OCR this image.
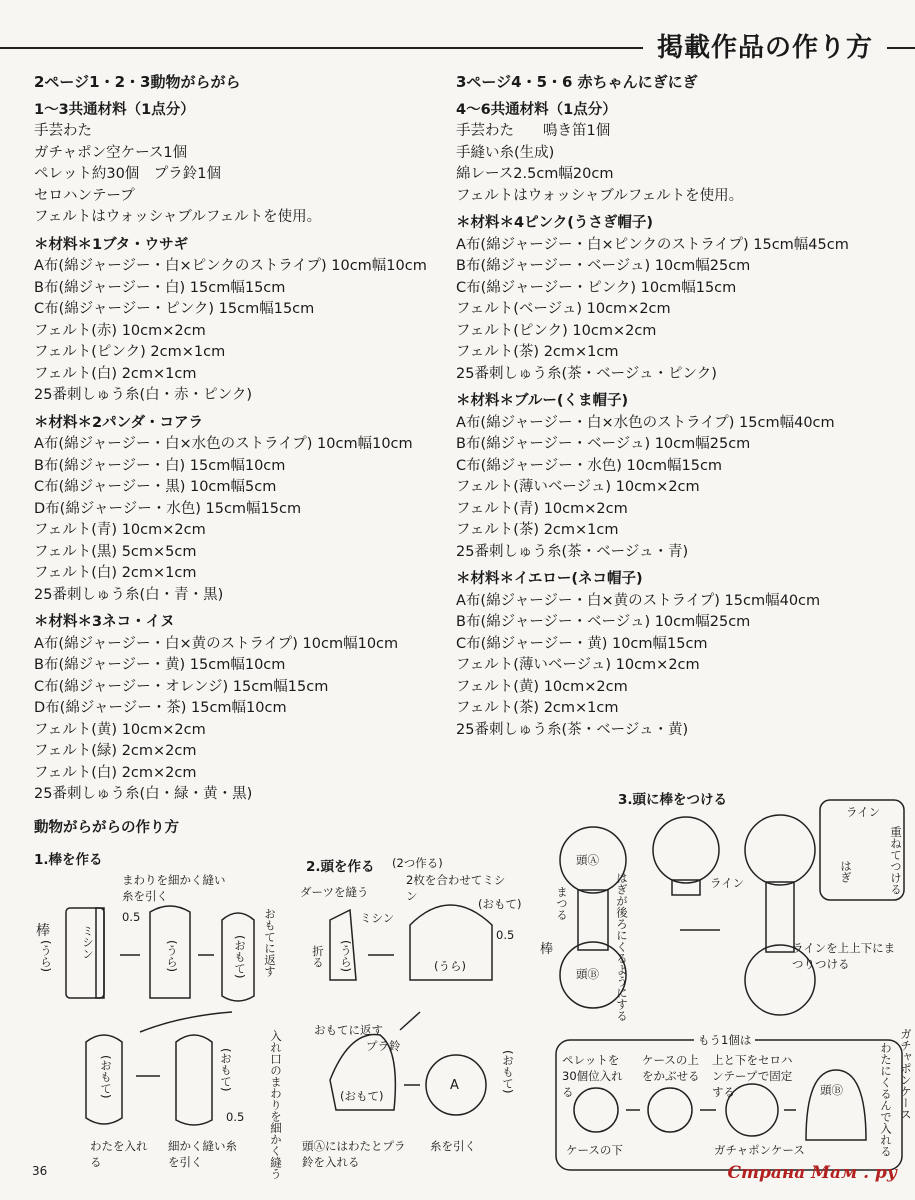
掲載作品の作り方
2ページ1・2・3動物がらがら
1～3共通材料（1点分）
手芸わた
ガチャポン空ケース1個
ペレット約30個　プラ鈴1個
セロハンテープ
フェルトはウォッシャブルフェルトを使用。
＊材料＊1ブタ・ウサギ
A布(綿ジャージー・白×ピンクのストライプ) 10cm幅10cm
B布(綿ジャージー・白) 15cm幅15cm
C布(綿ジャージー・ピンク) 15cm幅15cm
フェルト(赤) 10cm×2cm
フェルト(ピンク) 2cm×1cm
フェルト(白) 2cm×1cm
25番刺しゅう糸(白・赤・ピンク)
＊材料＊2パンダ・コアラ
A布(綿ジャージー・白×水色のストライプ) 10cm幅10cm
B布(綿ジャージー・白) 15cm幅10cm
C布(綿ジャージー・黒) 10cm幅5cm
D布(綿ジャージー・水色) 15cm幅15cm
フェルト(青) 10cm×2cm
フェルト(黒) 5cm×5cm
フェルト(白) 2cm×1cm
25番刺しゅう糸(白・青・黒)
＊材料＊3ネコ・イヌ
A布(綿ジャージー・白×黄のストライプ) 10cm幅10cm
B布(綿ジャージー・黄) 15cm幅10cm
C布(綿ジャージー・オレンジ) 15cm幅15cm
D布(綿ジャージー・茶) 15cm幅10cm
フェルト(黄) 10cm×2cm
フェルト(緑) 2cm×2cm
フェルト(白) 2cm×2cm
25番刺しゅう糸(白・緑・黄・黒)
3ページ4・5・6 赤ちゃんにぎにぎ
4～6共通材料（1点分）
手芸わた　　鳴き笛1個
手縫い糸(生成)
綿レース2.5cm幅20cm
フェルトはウォッシャブルフェルトを使用。
＊材料＊4ピンク(うさぎ帽子)
A布(綿ジャージー・白×ピンクのストライプ) 15cm幅45cm
B布(綿ジャージー・ベージュ) 10cm幅25cm
C布(綿ジャージー・ピンク) 10cm幅15cm
フェルト(ベージュ) 10cm×2cm
フェルト(ピンク) 10cm×2cm
フェルト(茶) 2cm×1cm
25番刺しゅう糸(茶・ベージュ・ピンク)
＊材料＊ブルー(くま帽子)
A布(綿ジャージー・白×水色のストライプ) 15cm幅40cm
B布(綿ジャージー・ベージュ) 10cm幅25cm
C布(綿ジャージー・水色) 10cm幅15cm
フェルト(薄いベージュ) 10cm×2cm
フェルト(青) 10cm×2cm
フェルト(茶) 2cm×1cm
25番刺しゅう糸(茶・ベージュ・青)
＊材料＊イエロー(ネコ帽子)
A布(綿ジャージー・白×黄のストライプ) 15cm幅40cm
B布(綿ジャージー・ベージュ) 10cm幅25cm
C布(綿ジャージー・黄) 10cm幅15cm
フェルト(薄いベージュ) 10cm×2cm
フェルト(黄) 10cm×2cm
フェルト(茶) 2cm×1cm
25番刺しゅう糸(茶・ベージュ・黄)
動物がらがらの作り方
1.棒を作る
まわりを細かく縫い糸を引く
棒
(うら) ミシン
0.5
(うら)	おもてに返す
(おもて)
(おもて)	(おもて)
0.5
わたを入れる
細かく縫い糸を引く
2.頭を作る (2つ作る)
ダーツを縫う
ミシン
折る (うら)
2枚を合わせてミシン
(おもて)
(うら)
0.5
おもてに返す
プラ鈴
入れ口のまわりを細かく縫う	(おもて)
(おもて)
A
頭Ⓐにはわたとプラ鈴を入れる
糸を引く
3.頭に棒をつける
頭Ⓐ
頭Ⓑ
まつる
棒	はぎが後ろにくるようにする	ライン
ラインを上上下にまつりつける
ライン
重ねてつける
はぎ
もう1個は
ペレットを30個位入れる
ケースの上をかぶせる
上と下をセロハンテープで固定する
ケースの下	ガチャポンケース
頭Ⓑ	わたにくるんで入れる ガチャポンケース
36	Страна Мам . ру
